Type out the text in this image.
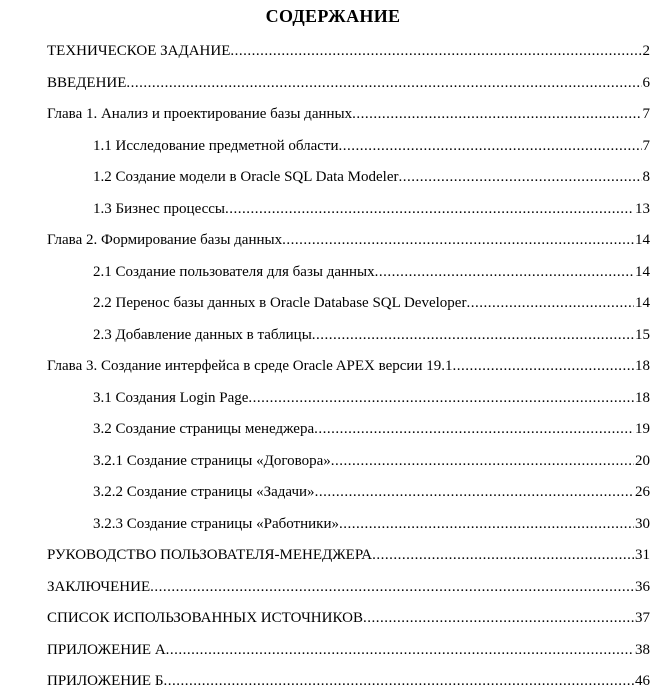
СОДЕРЖАНИЕ
ТЕХНИЧЕСКОЕ ЗАДАНИЕ .....	2
ВВЕДЕНИЕ .....	6
Глава 1. Анализ и проектирование базы данных .....	7
1.1 Исследование предметной области .....	7
1.2 Создание модели в Oracle SQL Data Modeler .....	8
1.3 Бизнес процессы .....	13
Глава 2. Формирование базы данных .....	14
2.1 Создание пользователя для базы данных .....	14
2.2 Перенос базы данных в Oracle Database SQL Developer .....	14
2.3 Добавление данных в таблицы .....	15
Глава 3. Создание интерфейса в среде Oracle APEX версии 19.1 .....	18
3.1 Создания Login Page .....	18
3.2 Создание страницы менеджера .....	19
3.2.1 Создание страницы «Договора» .....	20
3.2.2 Создание страницы «Задачи» .....	26
3.2.3 Создание страницы «Работники» .....	30
РУКОВОДСТВО ПОЛЬЗОВАТЕЛЯ-МЕНЕДЖЕРА .....	31
ЗАКЛЮЧЕНИЕ .....	36
СПИСОК ИСПОЛЬЗОВАННЫХ ИСТОЧНИКОВ .....	37
ПРИЛОЖЕНИЕ А .....	38
ПРИЛОЖЕНИЕ Б .....	46
